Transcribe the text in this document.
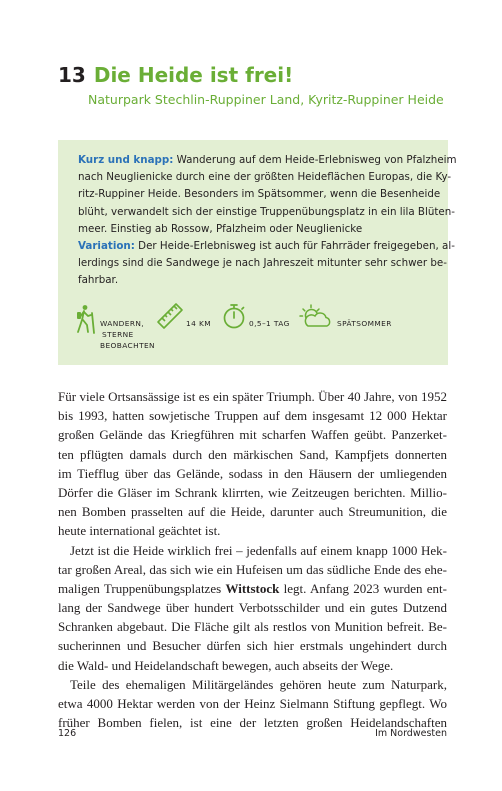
13 Die Heide ist frei!
Naturpark Stechlin-Ruppiner Land, Kyritz-Ruppiner Heide

Kurz und knapp: Wanderung auf dem Heide-Erlebnisweg von Pfalzheim
nach Neuglienicke durch eine der größten Heideflächen Europas, die Ky-
ritz-Ruppiner Heide. Besonders im Spätsommer, wenn die Besenheide
blüht, verwandelt sich der einstige Truppenübungsplatz in ein lila Blüten-
meer. Einstieg ab Rossow, Pfalzheim oder Neuglienicke
Variation: Der Heide-Erlebnisweg ist auch für Fahrräder freigegeben, al-
lerdings sind die Sandwege je nach Jahreszeit mitunter sehr schwer be-
fahrbar.

WANDERN,
STERNE
BEOBACHTEN
14 KM	0,5–1 TAG	SPÄTSOMMER
Für viele Ortsansässige ist es ein später Triumph. Über 40 Jahre, von 1952
bis 1993, hatten sowjetische Truppen auf dem insgesamt 12 000 Hektar
großen Gelände das Kriegführen mit scharfen Waffen geübt. Panzerket-
ten pflügten damals durch den märkischen Sand, Kampfjets donnerten
im Tiefflug über das Gelände, sodass in den Häusern der umliegenden
Dörfer die Gläser im Schrank klirrten, wie Zeitzeugen berichten. Millio-
nen Bomben prasselten auf die Heide, darunter auch Streumunition, die
heute international geächtet ist.
Jetzt ist die Heide wirklich frei – jedenfalls auf einem knapp 1000 Hek-
tar großen Areal, das sich wie ein Hufeisen um das südliche Ende des ehe-
maligen Truppenübungsplatzes Wittstock legt. Anfang 2023 wurden ent-
lang der Sandwege über hundert Verbotsschilder und ein gutes Dutzend
Schranken abgebaut. Die Fläche gilt als restlos von Munition befreit. Be-
sucherinnen und Besucher dürfen sich hier erstmals ungehindert durch
die Wald- und Heidelandschaft bewegen, auch abseits der Wege.
Teile des ehemaligen Militärgeländes gehören heute zum Naturpark,
etwa 4000 Hektar werden von der Heinz Sielmann Stiftung gepflegt. Wo
früher Bomben fielen, ist eine der letzten großen Heidelandschaften
126	Im Nordwesten
